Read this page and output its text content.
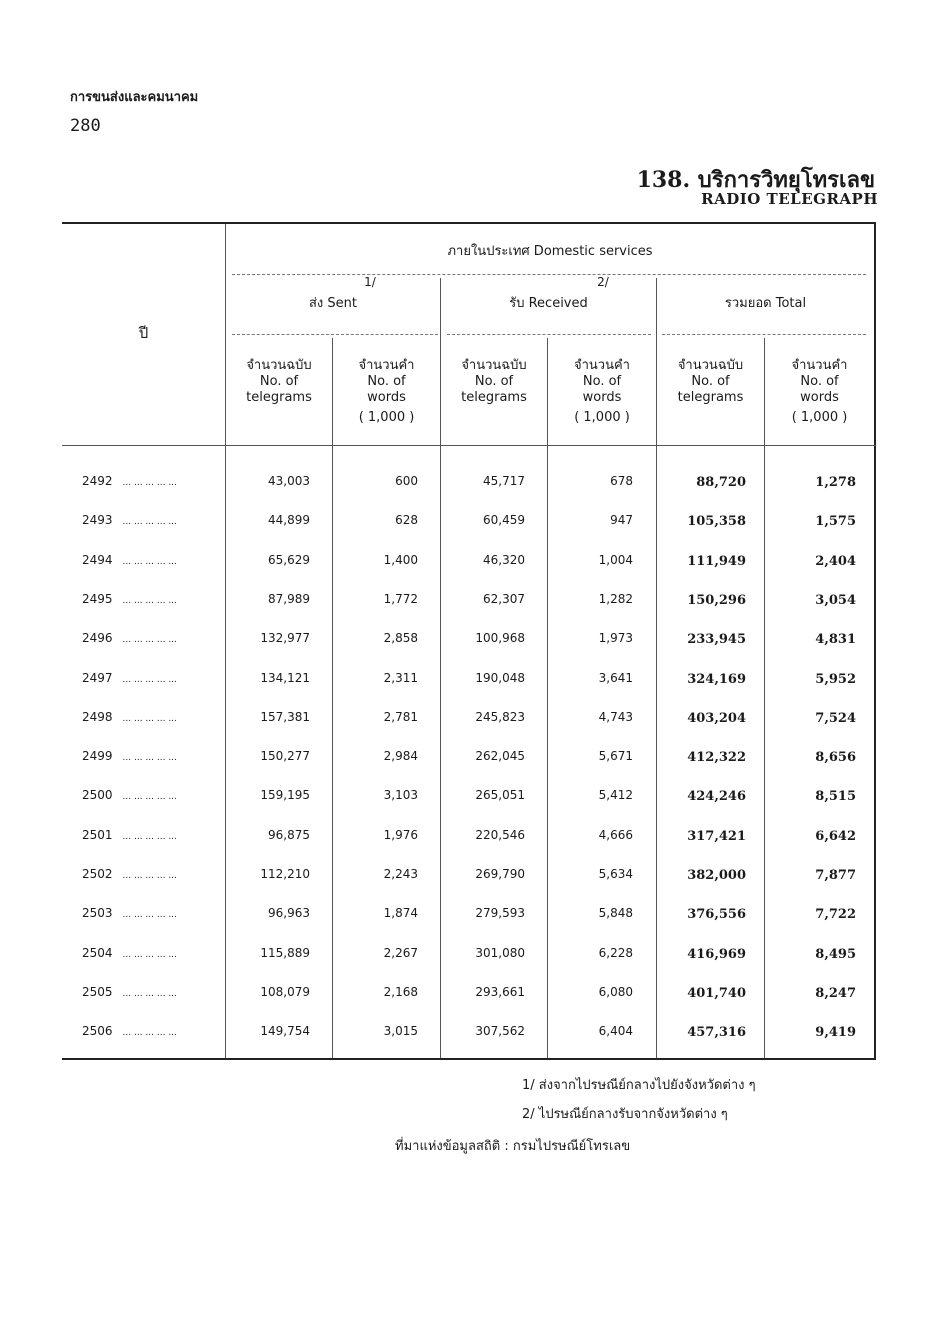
การขนส่งและคมนาคม
280
138. บริการวิทยุโทรเลข
RADIO TELEGRAPH
ปี
ภายในประเทศ Domestic services
1/
ส่ง Sent
2/
รับ Received	รวมยอด Total
จำนวนฉบับ
No. of
telegrams
จำนวนคำ
No. of
words
( 1,000 )
จำนวนฉบับ
No. of
telegrams
จำนวนคำ
No. of
words
( 1,000 )
จำนวนฉบับ
No. of
telegrams
จำนวนคำ
No. of
words
( 1,000 )
2492 ... ... ... ... ...	43,003	600	45,717	678	88,720	1,278
2493 ... ... ... ... ...	44,899	628	60,459	947	105,358	1,575
2494 ... ... ... ... ...	65,629	1,400	46,320	1,004	111,949	2,404
2495 ... ... ... ... ...	87,989	1,772	62,307	1,282	150,296	3,054
2496 ... ... ... ... ...	132,977	2,858	100,968	1,973	233,945	4,831
2497 ... ... ... ... ...	134,121	2,311	190,048	3,641	324,169	5,952
2498 ... ... ... ... ...	157,381	2,781	245,823	4,743	403,204	7,524
2499 ... ... ... ... ...	150,277	2,984	262,045	5,671	412,322	8,656
2500 ... ... ... ... ...	159,195	3,103	265,051	5,412	424,246	8,515
2501 ... ... ... ... ...	96,875	1,976	220,546	4,666	317,421	6,642
2502 ... ... ... ... ...	112,210	2,243	269,790	5,634	382,000	7,877
2503 ... ... ... ... ...	96,963	1,874	279,593	5,848	376,556	7,722
2504 ... ... ... ... ...	115,889	2,267	301,080	6,228	416,969	8,495
2505 ... ... ... ... ...	108,079	2,168	293,661	6,080	401,740	8,247
2506 ... ... ... ... ...	149,754	3,015	307,562	6,404	457,316	9,419
1/ ส่งจากไปรษณีย์กลางไปยังจังหวัดต่าง ๆ
2/ ไปรษณีย์กลางรับจากจังหวัดต่าง ๆ
ที่มาแห่งข้อมูลสถิติ : กรมไปรษณีย์โทรเลข
